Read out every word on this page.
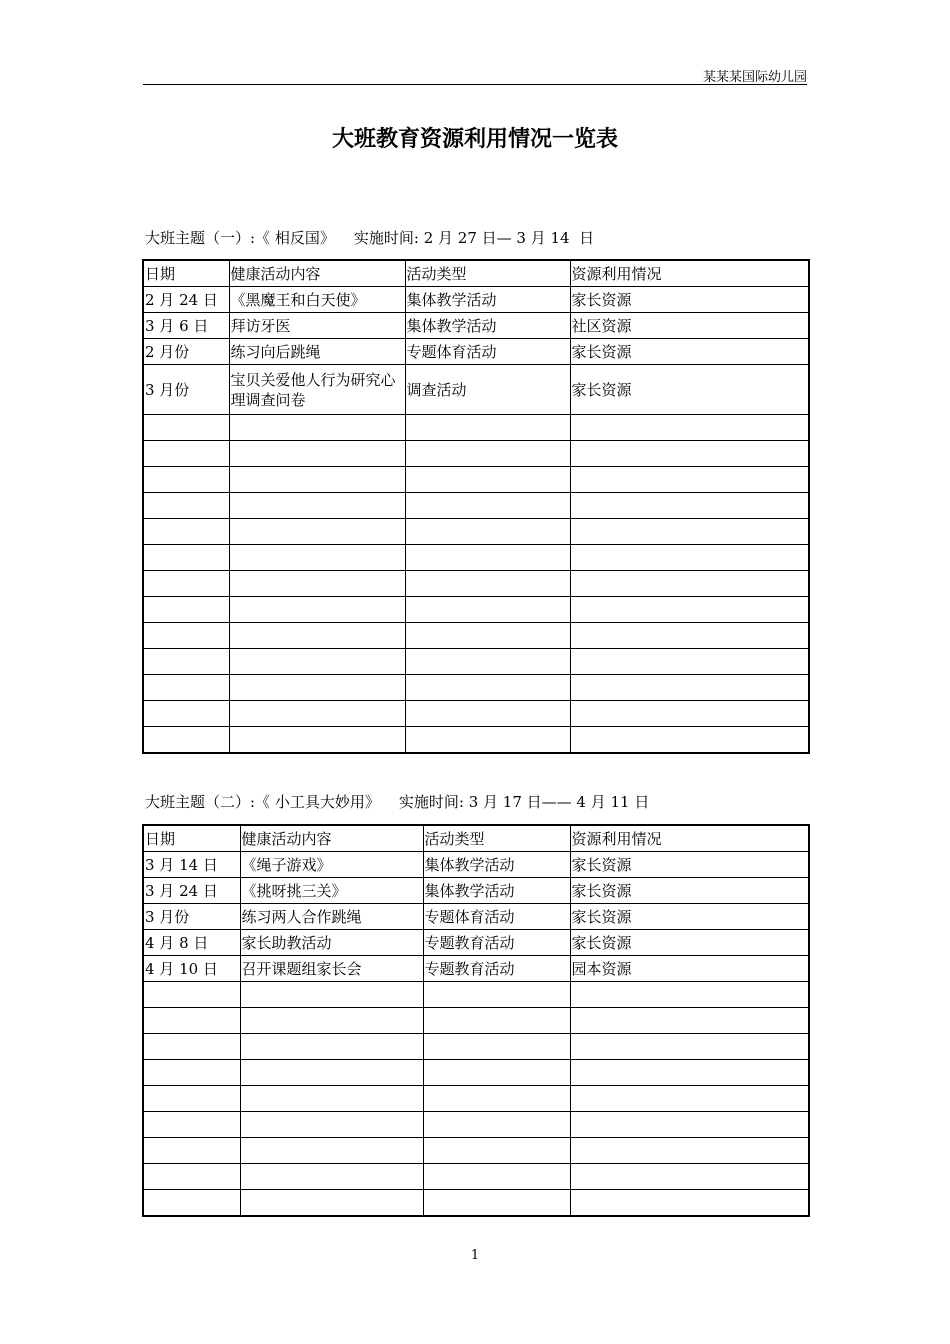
某某某国际幼儿园
大班教育资源利用情况一览表
大班主题（一）:《 相反国》    实施时间: 2 月 27 日— 3 月 14  日
日期	健康活动内容	活动类型	资源利用情况
2 月 24 日	《黑魔王和白天使》	集体教学活动	家长资源
3 月 6 日	拜访牙医	集体教学活动	社区资源
2 月份	练习向后跳绳	专题体育活动	家长资源
3 月份	宝贝关爱他人行为研究心理调查问卷	调查活动	家长资源

大班主题（二）:《 小工具大妙用》    实施时间: 3 月 17 日—— 4 月 11 日
日期	健康活动内容	活动类型	资源利用情况
3 月 14 日	《绳子游戏》	集体教学活动	家长资源
3 月 24 日	《挑呀挑三关》	集体教学活动	家长资源
3 月份	练习两人合作跳绳	专题体育活动	家长资源
4 月 8 日	家长助教活动	专题教育活动	家长资源
4 月 10 日	召开课题组家长会	专题教育活动	园本资源

1
